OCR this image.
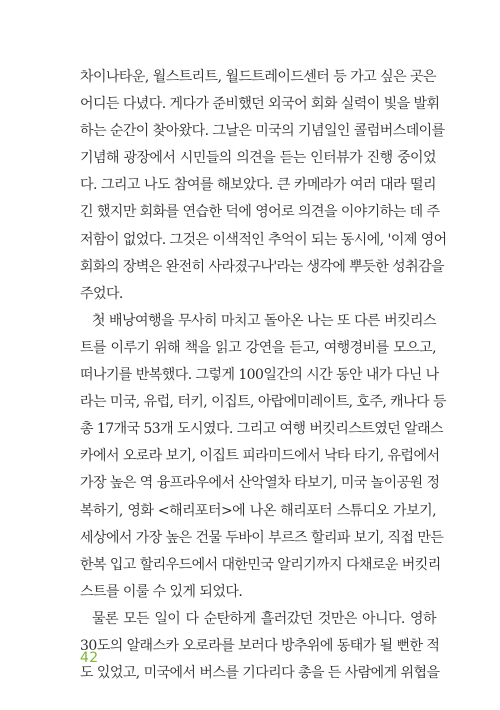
차이나타운, 월스트리트, 월드트레이드센터 등 가고 싶은 곳은
어디든 다녔다. 게다가 준비했던 외국어 회화 실력이 빛을 발휘
하는 순간이 찾아왔다. 그날은 미국의 기념일인 콜럼버스데이를
기념해 광장에서 시민들의 의견을 듣는 인터뷰가 진행 중이었
다. 그리고 나도 참여를 해보았다. 큰 카메라가 여러 대라 떨리
긴 했지만 회화를 연습한 덕에 영어로 의견을 이야기하는 데 주
저함이 없었다. 그것은 이색적인 추억이 되는 동시에, '이제 영어
회화의 장벽은 완전히 사라졌구나'라는 생각에 뿌듯한 성취감을
주었다.
첫 배낭여행을 무사히 마치고 돌아온 나는 또 다른 버킷리스
트를 이루기 위해 책을 읽고 강연을 듣고, 여행경비를 모으고,
떠나기를 반복했다. 그렇게 100일간의 시간 동안 내가 다닌 나
라는 미국, 유럽, 터키, 이집트, 아랍에미레이트, 호주, 캐나다 등
총 17개국 53개 도시였다. 그리고 여행 버킷리스트였던 알래스
카에서 오로라 보기, 이집트 피라미드에서 낙타 타기, 유럽에서
가장 높은 역 융프라우에서 산악열차 타보기, 미국 놀이공원 정
복하기, 영화 <해리포터>에 나온 해리포터 스튜디오 가보기,
세상에서 가장 높은 건물 두바이 부르즈 할리파 보기, 직접 만든
한복 입고 할리우드에서 대한민국 알리기까지 다채로운 버킷리
스트를 이룰 수 있게 되었다.
물론 모든 일이 다 순탄하게 흘러갔던 것만은 아니다. 영하
30도의 알래스카 오로라를 보러다 방추위에 동태가 될 뻔한 적
도 있었고, 미국에서 버스를 기다리다 총을 든 사람에게 위협을
42
